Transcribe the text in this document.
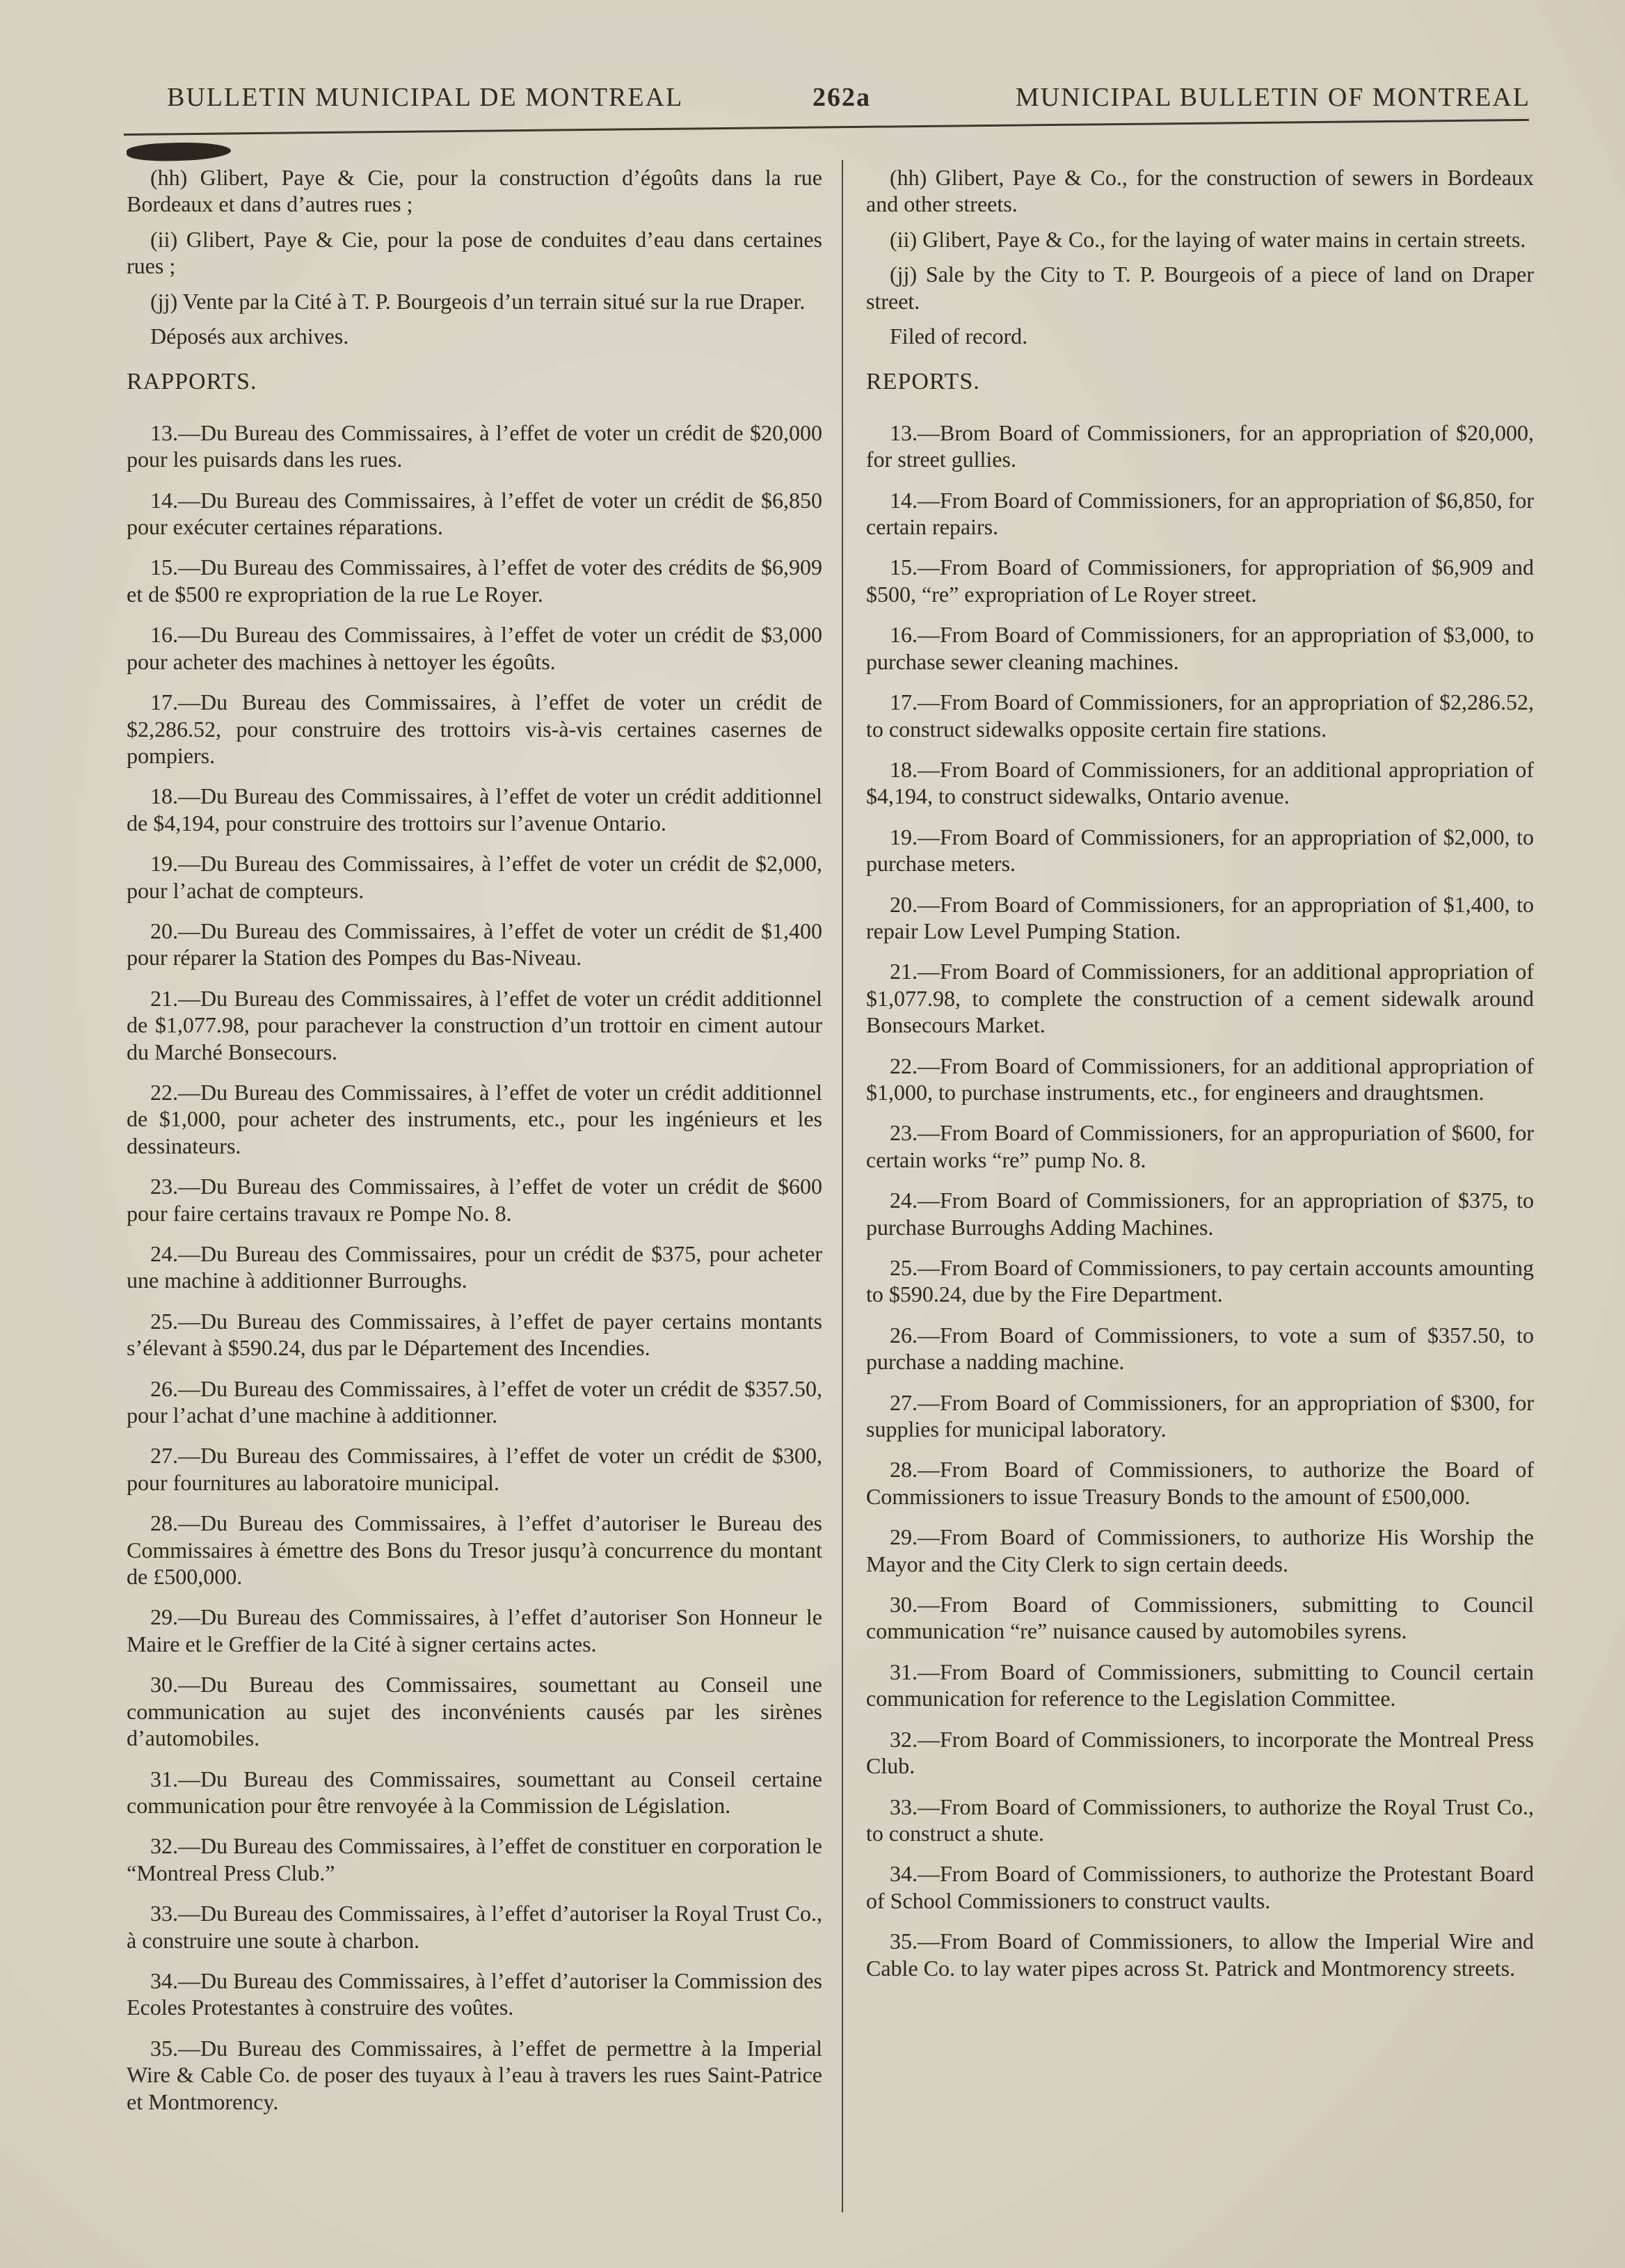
BULLETIN MUNICIPAL DE MONTREAL	262a	MUNICIPAL BULLETIN OF MONTREAL

(hh) Glibert, Paye & Cie, pour la construction d’égoûts dans la rue Bordeaux et dans d’autres rues ;

(ii) Glibert, Paye & Cie, pour la pose de conduites d’eau dans certaines rues ;

(jj) Vente par la Cité à T. P. Bourgeois d’un terrain situé sur la rue Draper.

Déposés aux archives.

RAPPORTS.

13.—Du Bureau des Commissaires, à l’effet de voter un crédit de $20,000 pour les puisards dans les rues.

14.—Du Bureau des Commissaires, à l’effet de voter un crédit de $6,850 pour exécuter certaines réparations.

15.—Du Bureau des Commissaires, à l’effet de voter des crédits de $6,909 et de $500 re expropriation de la rue Le Royer.

16.—Du Bureau des Commissaires, à l’effet de voter un crédit de $3,000 pour acheter des machines à nettoyer les égoûts.

17.—Du Bureau des Commissaires, à l’effet de voter un crédit de $2,286.52, pour construire des trottoirs vis-à-vis certaines casernes de pompiers.

18.—Du Bureau des Commissaires, à l’effet de voter un crédit additionnel de $4,194, pour construire des trottoirs sur l’avenue Ontario.

19.—Du Bureau des Commissaires, à l’effet de voter un crédit de $2,000, pour l’achat de compteurs.

20.—Du Bureau des Commissaires, à l’effet de voter un crédit de $1,400 pour réparer la Station des Pompes du Bas-Niveau.

21.—Du Bureau des Commissaires, à l’effet de voter un crédit additionnel de $1,077.98, pour parachever la construction d’un trottoir en ciment autour du Marché Bonsecours.

22.—Du Bureau des Commissaires, à l’effet de voter un crédit additionnel de $1,000, pour acheter des instruments, etc., pour les ingénieurs et les dessinateurs.

23.—Du Bureau des Commissaires, à l’effet de voter un crédit de $600 pour faire certains travaux re Pompe No. 8.

24.—Du Bureau des Commissaires, pour un crédit de $375, pour acheter une machine à additionner Burroughs.

25.—Du Bureau des Commissaires, à l’effet de payer certains montants s’élevant à $590.24, dus par le Département des Incendies.

26.—Du Bureau des Commissaires, à l’effet de voter un crédit de $357.50, pour l’achat d’une machine à additionner.

27.—Du Bureau des Commissaires, à l’effet de voter un crédit de $300, pour fournitures au laboratoire municipal.

28.—Du Bureau des Commissaires, à l’effet d’autoriser le Bureau des Commissaires à émettre des Bons du Tresor jusqu’à concurrence du montant de £500,000.

29.—Du Bureau des Commissaires, à l’effet d’autoriser Son Honneur le Maire et le Greffier de la Cité à signer certains actes.

30.—Du Bureau des Commissaires, soumettant au Conseil une communication au sujet des inconvénients causés par les sirènes d’automobiles.

31.—Du Bureau des Commissaires, soumettant au Conseil certaine communication pour être renvoyée à la Commission de Législation.

32.—Du Bureau des Commissaires, à l’effet de constituer en corporation le “Montreal Press Club.”

33.—Du Bureau des Commissaires, à l’effet d’autoriser la Royal Trust Co., à construire une soute à charbon.

34.—Du Bureau des Commissaires, à l’effet d’autoriser la Commission des Ecoles Protestantes à construire des voûtes.

35.—Du Bureau des Commissaires, à l’effet de permettre à la Imperial Wire & Cable Co. de poser des tuyaux à l’eau à travers les rues Saint-Patrice et Montmorency.

(hh) Glibert, Paye & Co., for the construction of sewers in Bordeaux and other streets.

(ii) Glibert, Paye & Co., for the laying of water mains in certain streets.

(jj) Sale by the City to T. P. Bourgeois of a piece of land on Draper street.

Filed of record.

REPORTS.

13.—Brom Board of Commissioners, for an appropriation of $20,000, for street gullies.

14.—From Board of Commissioners, for an appropriation of $6,850, for certain repairs.

15.—From Board of Commissioners, for appropriation of $6,909 and $500, “re” expropriation of Le Royer street.

16.—From Board of Commissioners, for an appropriation of $3,000, to purchase sewer cleaning machines.

17.—From Board of Commissioners, for an appropriation of $2,286.52, to construct sidewalks opposite certain fire stations.

18.—From Board of Commissioners, for an additional appropriation of $4,194, to construct sidewalks, Ontario avenue.

19.—From Board of Commissioners, for an appropriation of $2,000, to purchase meters.

20.—From Board of Commissioners, for an appropriation of $1,400, to repair Low Level Pumping Station.

21.—From Board of Commissioners, for an additional appropriation of $1,077.98, to complete the construction of a cement sidewalk around Bonsecours Market.

22.—From Board of Commissioners, for an additional appropriation of $1,000, to purchase instruments, etc., for engineers and draughtsmen.

23.—From Board of Commissioners, for an appropuriation of $600, for certain works “re” pump No. 8.

24.—From Board of Commissioners, for an appropriation of $375, to purchase Burroughs Adding Machines.

25.—From Board of Commissioners, to pay certain accounts amounting to $590.24, due by the Fire Department.

26.—From Board of Commissioners, to vote a sum of $357.50, to purchase a nadding machine.

27.—From Board of Commissioners, for an appropriation of $300, for supplies for municipal laboratory.

28.—From Board of Commissioners, to authorize the Board of Commissioners to issue Treasury Bonds to the amount of £500,000.

29.—From Board of Commissioners, to authorize His Worship the Mayor and the City Clerk to sign certain deeds.

30.—From Board of Commissioners, submitting to Council communication “re” nuisance caused by automobiles syrens.

31.—From Board of Commissioners, submitting to Council certain communication for reference to the Legislation Committee.

32.—From Board of Commissioners, to incorporate the Montreal Press Club.

33.—From Board of Commissioners, to authorize the Royal Trust Co., to construct a shute.

34.—From Board of Commissioners, to authorize the Protestant Board of School Commissioners to construct vaults.

35.—From Board of Commissioners, to allow the Imperial Wire and Cable Co. to lay water pipes across St. Patrick and Montmorency streets.
